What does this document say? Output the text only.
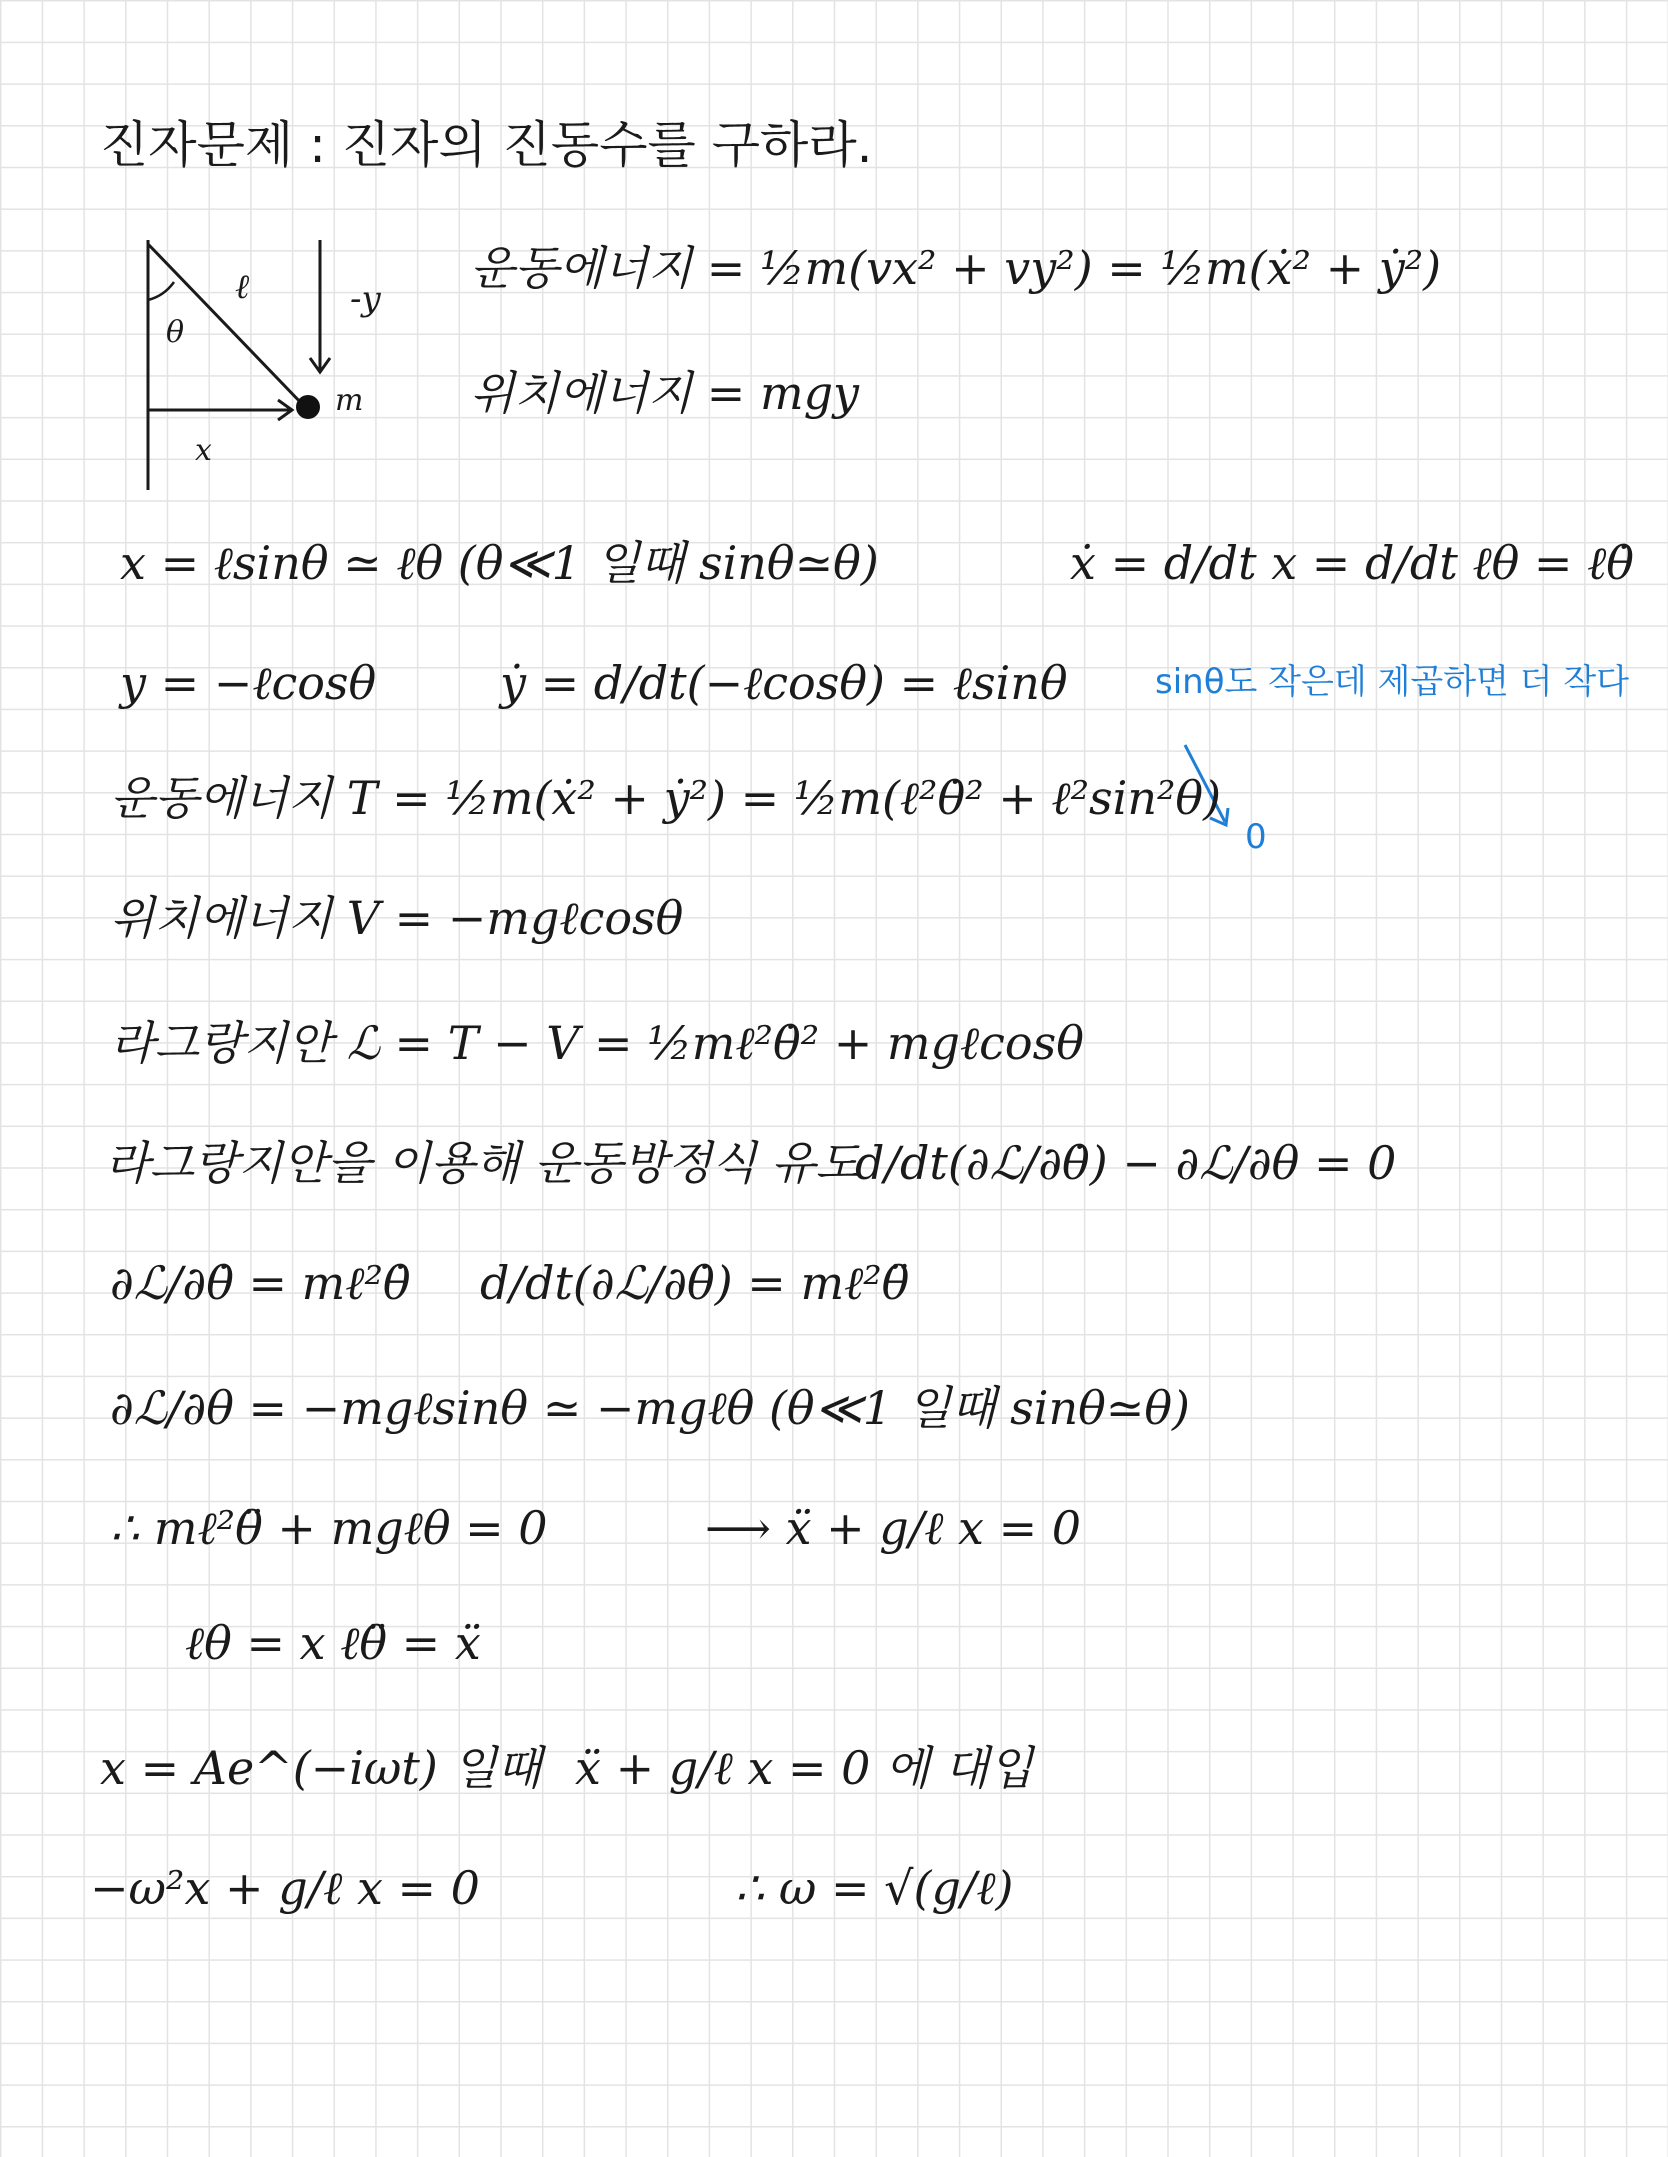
진자문제 : 진자의 진동수를 구하라.
θ
ℓ	-y
m
x
운동에너지 = ½m(vx² + vy²) = ½m(ẋ² + ẏ²)
위치에너지 = mgy
x = ℓsinθ ≃ ℓθ (θ≪1 일때 sinθ≃θ)	ẋ = d/dt x = d/dt ℓθ = ℓθ̇
y = −ℓcosθ	ẏ = d/dt(−ℓcosθ) = ℓsinθ	sinθ도 작은데 제곱하면 더 작다
운동에너지 T = ½m(ẋ² + ẏ²) = ½m(ℓ²θ̇² + ℓ²sin²θ)
0
위치에너지 V = −mgℓcosθ
라그랑지안 ℒ = T − V = ½mℓ²θ̇² + mgℓcosθ
라그랑지안을 이용해 운동방정식 유도
d/dt(∂ℒ/∂θ̇) − ∂ℒ/∂θ = 0
∂ℒ/∂θ̇ = mℓ²θ̇ d/dt(∂ℒ/∂θ̇) = mℓ²θ̈
∂ℒ/∂θ = −mgℓsinθ ≃ −mgℓθ (θ≪1 일때 sinθ≃θ)
∴ mℓ²θ̈ + mgℓθ = 0	⟶ ẍ + g/ℓ x = 0
ℓθ = x ℓθ̈ = ẍ
x = Ae^(−iωt) 일때 ẍ + g/ℓ x = 0 에 대입
−ω²x + g/ℓ x = 0	∴ ω = √(g/ℓ)
